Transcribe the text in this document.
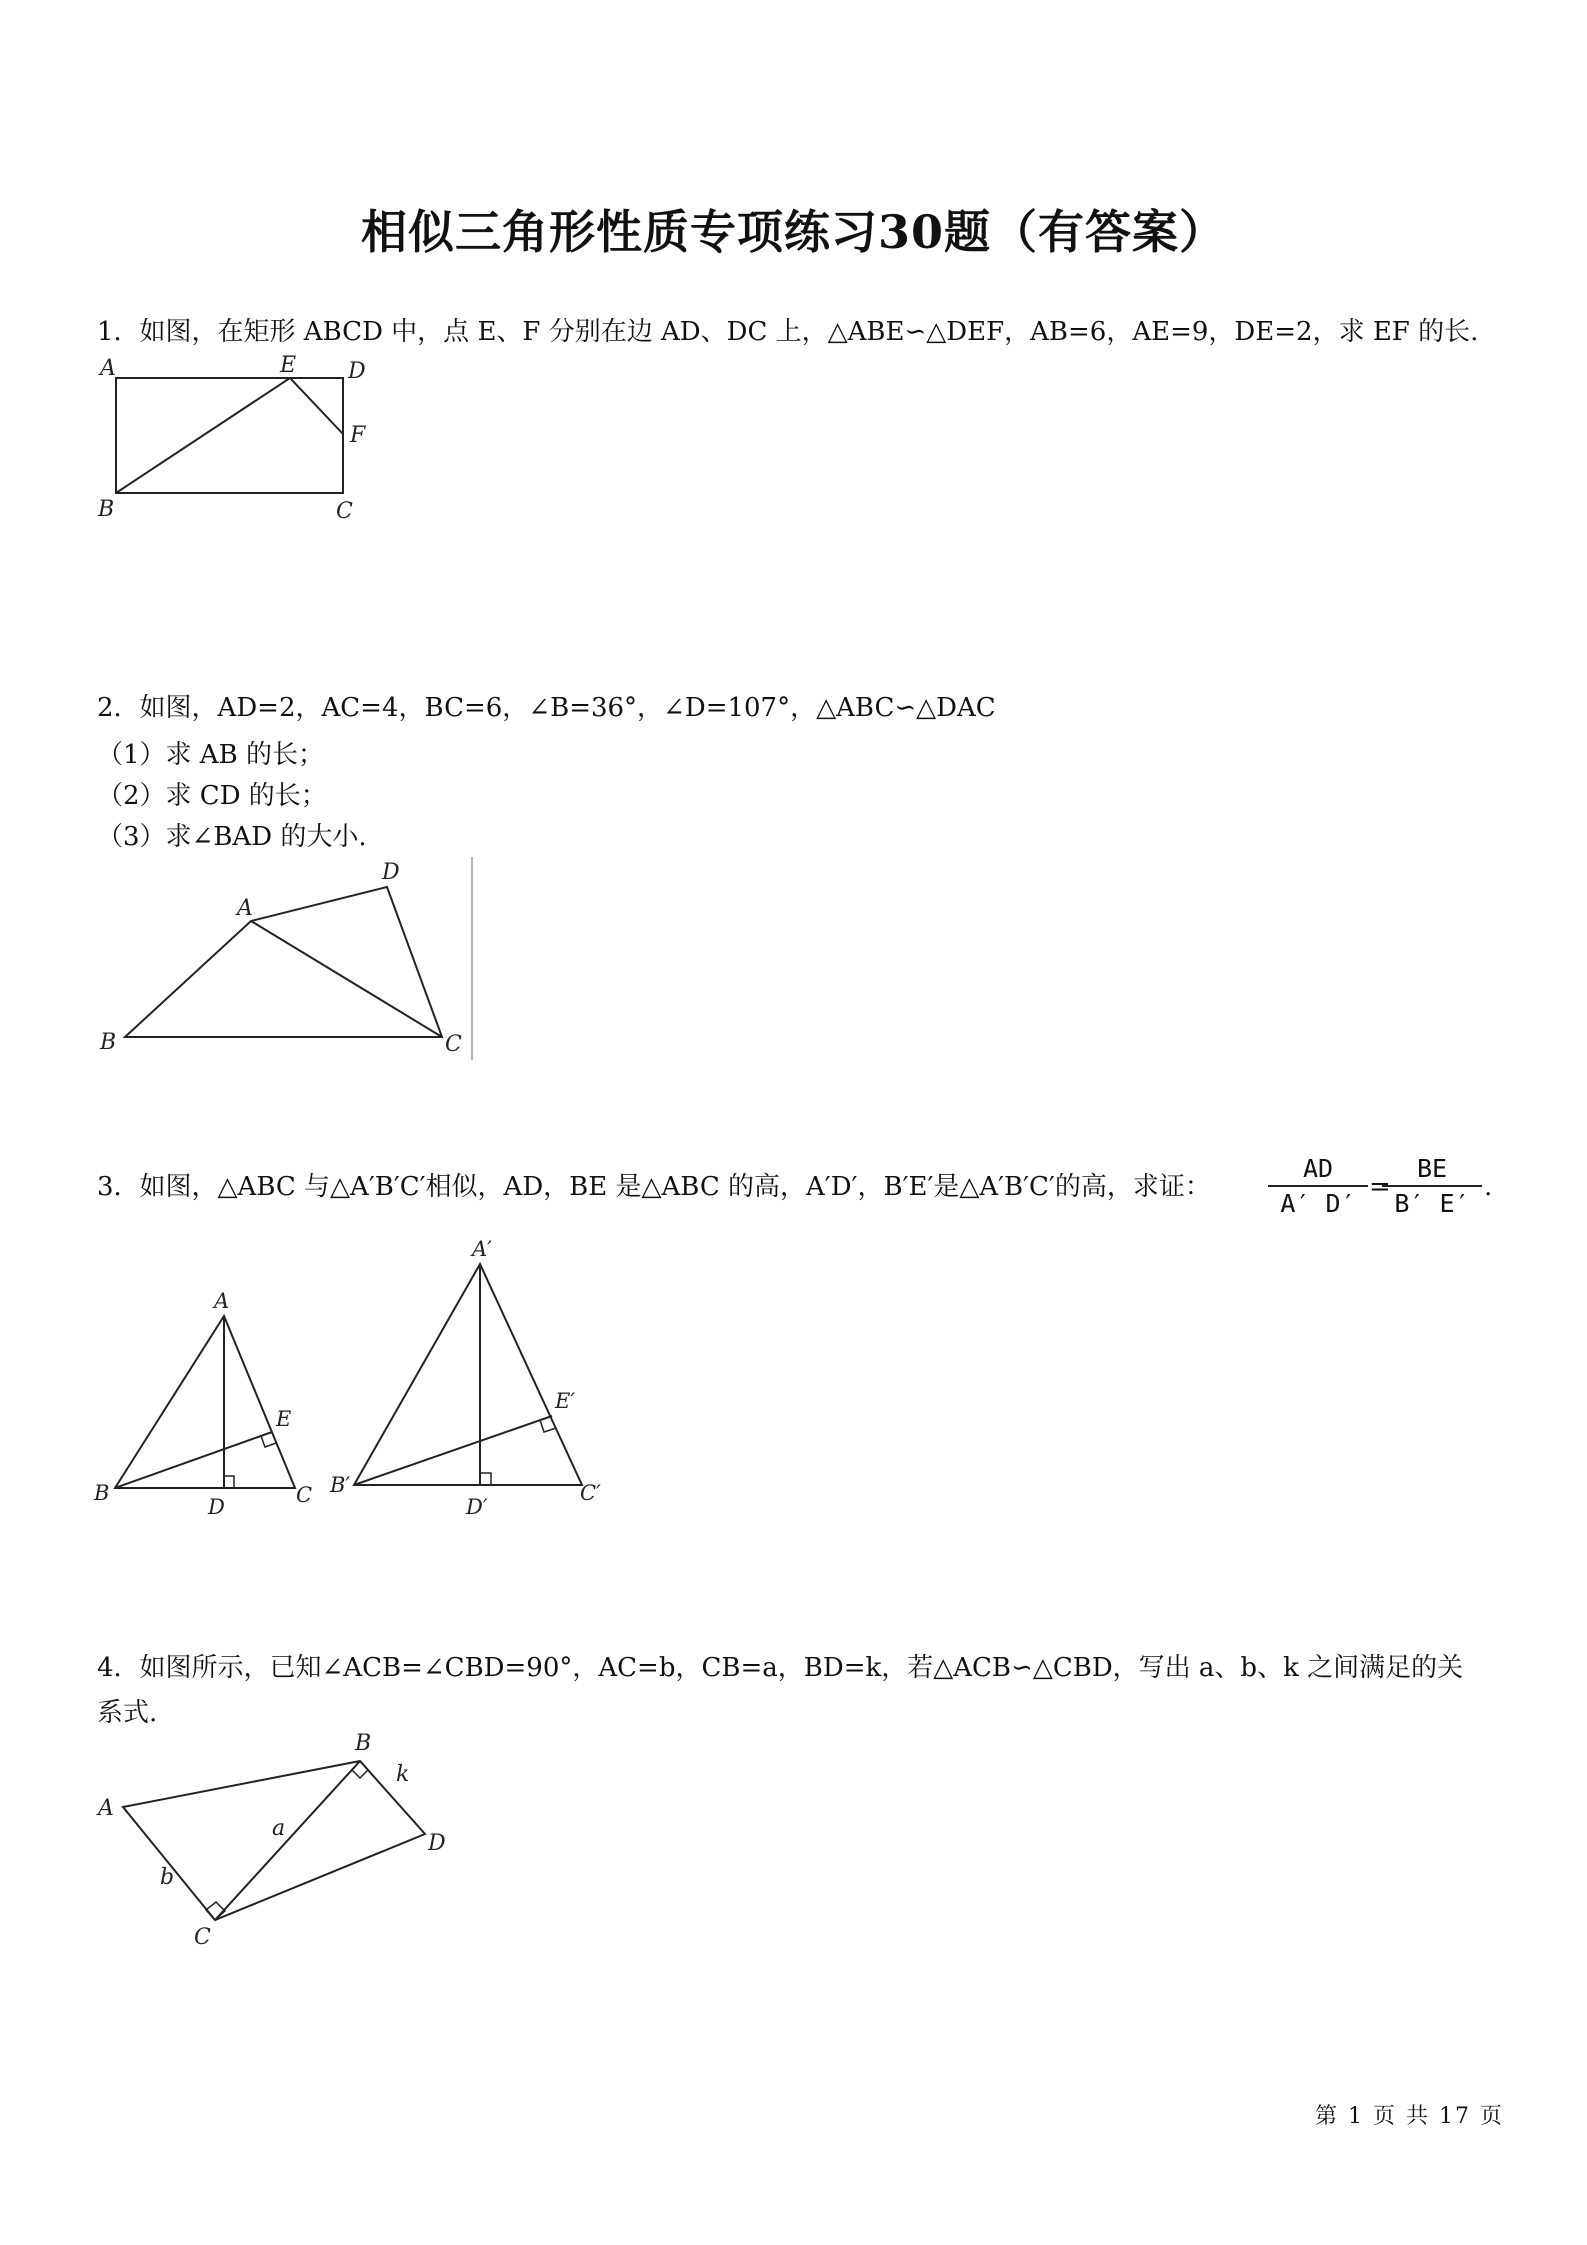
相似三角形性质专项练习30题（有答案）
1．如图，在矩形 ABCD 中，点 E、F 分别在边 AD、DC 上，△ABE∽△DEF，AB=6，AE=9，DE=2，求 EF 的长.
A	E D
F
B	C
2．如图，AD=2，AC=4，BC=6，∠B=36°，∠D=107°，△ABC∽△DAC
（1）求 AB 的长；
（2）求 CD 的长；
（3）求∠BAD 的大小.
A
D
B	C
3．如图，△ABC 与△A′B′C′相似，AD，BE 是△ABC 的高，A′D′，B′E′是△A′B′C′的高，求证：
AD
A′ D′
=
BE
B′ E′
.
A
E
B
D	C
A′
E′
B′
D′
C′
4．如图所示，已知∠ACB=∠CBD=90°，AC=b，CB=a，BD=k，若△ACB∽△CBD，写出 a、b、k 之间满足的关
系式.
A
B
k
D
a
b
C
第 1 页 共 17 页
